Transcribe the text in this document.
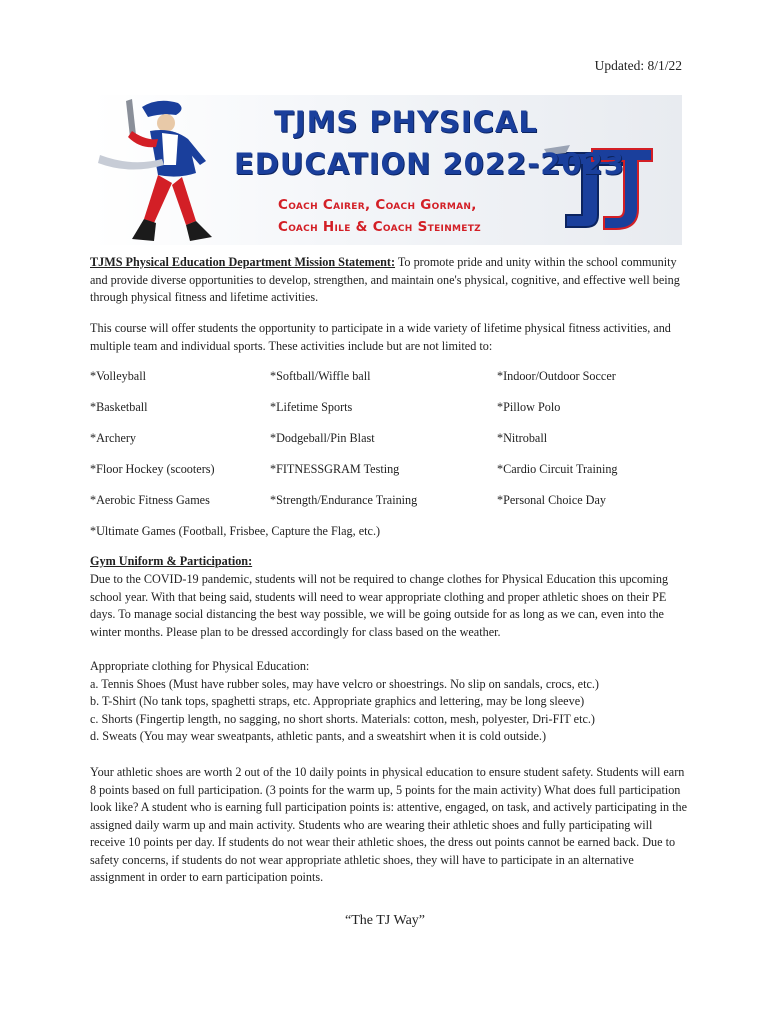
Updated: 8/1/22
TJMS PHYSICAL
EDUCATION 2022-2023
Coach Cairer, Coach Gorman,
Coach Hile & Coach Steinmetz
TJMS Physical Education Department Mission Statement: To promote pride and unity within the school community and provide diverse opportunities to develop, strengthen, and maintain one's physical, cognitive, and effective well being through physical fitness and lifetime activities.
This course will offer students the opportunity to participate in a wide variety of lifetime physical fitness activities, and multiple team and individual sports. These activities include but are not limited to:
*Volleyball	*Softball/Wiffle ball	*Indoor/Outdoor Soccer
*Basketball	*Lifetime Sports	*Pillow Polo
*Archery	*Dodgeball/Pin Blast	*Nitroball
*Floor Hockey (scooters)	*FITNESSGRAM Testing	*Cardio Circuit Training
*Aerobic Fitness Games	*Strength/Endurance Training	*Personal Choice Day
*Ultimate Games (Football, Frisbee, Capture the Flag, etc.)
Gym Uniform & Participation:
Due to the COVID-19 pandemic, students will not be required to change clothes for Physical Education this upcoming school year. With that being said, students will need to wear appropriate clothing and proper athletic shoes on their PE days. To manage social distancing the best way possible, we will be going outside for as long as we can, even into the winter months. Please plan to be dressed accordingly for class based on the weather.
Appropriate clothing for Physical Education:
a. Tennis Shoes (Must have rubber soles, may have velcro or shoestrings. No slip on sandals, crocs, etc.)
b. T-Shirt (No tank tops, spaghetti straps, etc. Appropriate graphics and lettering, may be long sleeve)
c. Shorts (Fingertip length, no sagging, no short shorts. Materials: cotton, mesh, polyester, Dri-FIT etc.)
d. Sweats (You may wear sweatpants, athletic pants, and a sweatshirt when it is cold outside.)
Your athletic shoes are worth 2 out of the 10 daily points in physical education to ensure student safety. Students will earn 8 points based on full participation. (3 points for the warm up, 5 points for the main activity) What does full participation look like? A student who is earning full participation points is: attentive, engaged, on task, and actively participating in the assigned daily warm up and main activity. Students who are wearing their athletic shoes and fully participating will receive 10 points per day. If students do not wear their athletic shoes, the dress out points cannot be earned back. Due to safety concerns, if students do not wear appropriate athletic shoes, they will have to participate in an alternative assignment in order to earn participation points.
“The TJ Way”
